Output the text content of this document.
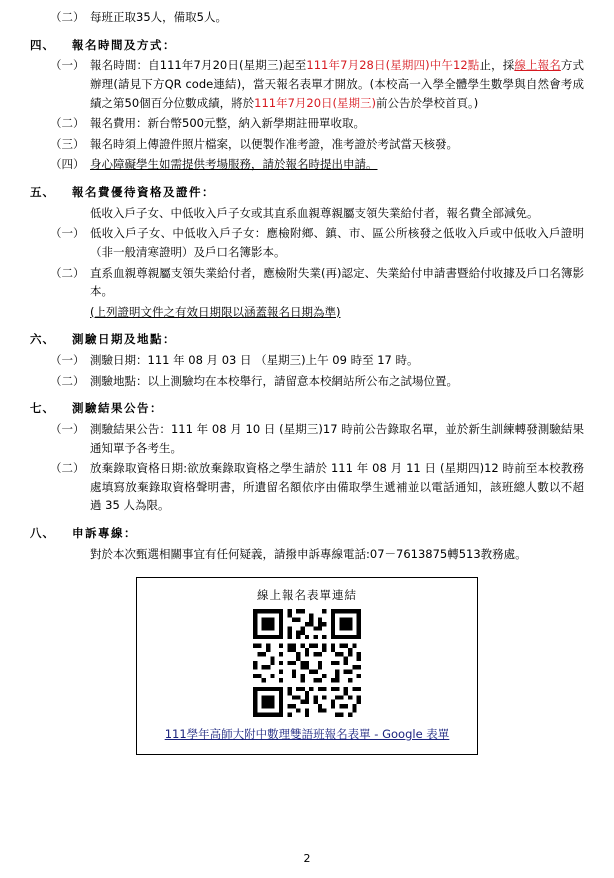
（二） 每班正取35人，備取5人。
四、	報名時間及方式：
（一） 報名時間：自111年7月20日(星期三)起至111年7月28日(星期四)中午12點止，採線上報名方式辦理(請見下方QR code連結)，當天報名表單才開放。(本校高一入學全體學生數學與自然會考成績之第50個百分位數成績，將於111年7月20日(星期三)前公告於學校首頁。)
（二） 報名費用：新台幣500元整，納入新學期註冊單收取。
（三） 報名時須上傳證件照片檔案，以便製作准考證，准考證於考試當天核發。
（四） 身心障礙學生如需提供考場服務，請於報名時提出申請。
五、	報名費優待資格及證件：
低收入戶子女、中低收入戶子女或其直系血親尊親屬支領失業給付者，報名費全部減免。
（一） 低收入戶子女、中低收入戶子女：應檢附鄉、鎮、市、區公所核發之低收入戶或中低收入戶證明（非一般清寒證明）及戶口名簿影本。
（二） 直系血親尊親屬支領失業給付者，應檢附失業(再)認定、失業給付申請書暨給付收據及戶口名簿影本。
(上列證明文件之有效日期限以涵蓋報名日期為準)
六、	測驗日期及地點：
（一） 測驗日期：111 年 08 月 03 日 （星期三)上午 09 時至 17 時。
（二） 測驗地點：以上測驗均在本校舉行，請留意本校網站所公布之試場位置。
七、	測驗結果公告：
（一） 測驗結果公告：111 年 08 月 10 日 (星期三)17 時前公告錄取名單，並於新生訓練轉發測驗結果通知單予各考生。
（二） 放棄錄取資格日期:欲放棄錄取資格之學生請於 111 年 08 月 11 日 (星期四)12 時前至本校教務處填寫放棄錄取資格聲明書，所遺留名額依序由備取學生遞補並以電話通知，該班總人數以不超過 35 人為限。
八、	申訴專線：
對於本次甄選相關事宜有任何疑義，請撥申訴專線電話:07－7613875轉513教務處。
線上報名表單連結
111學年高師大附中數理雙語班報名表單 - Google 表單
2
